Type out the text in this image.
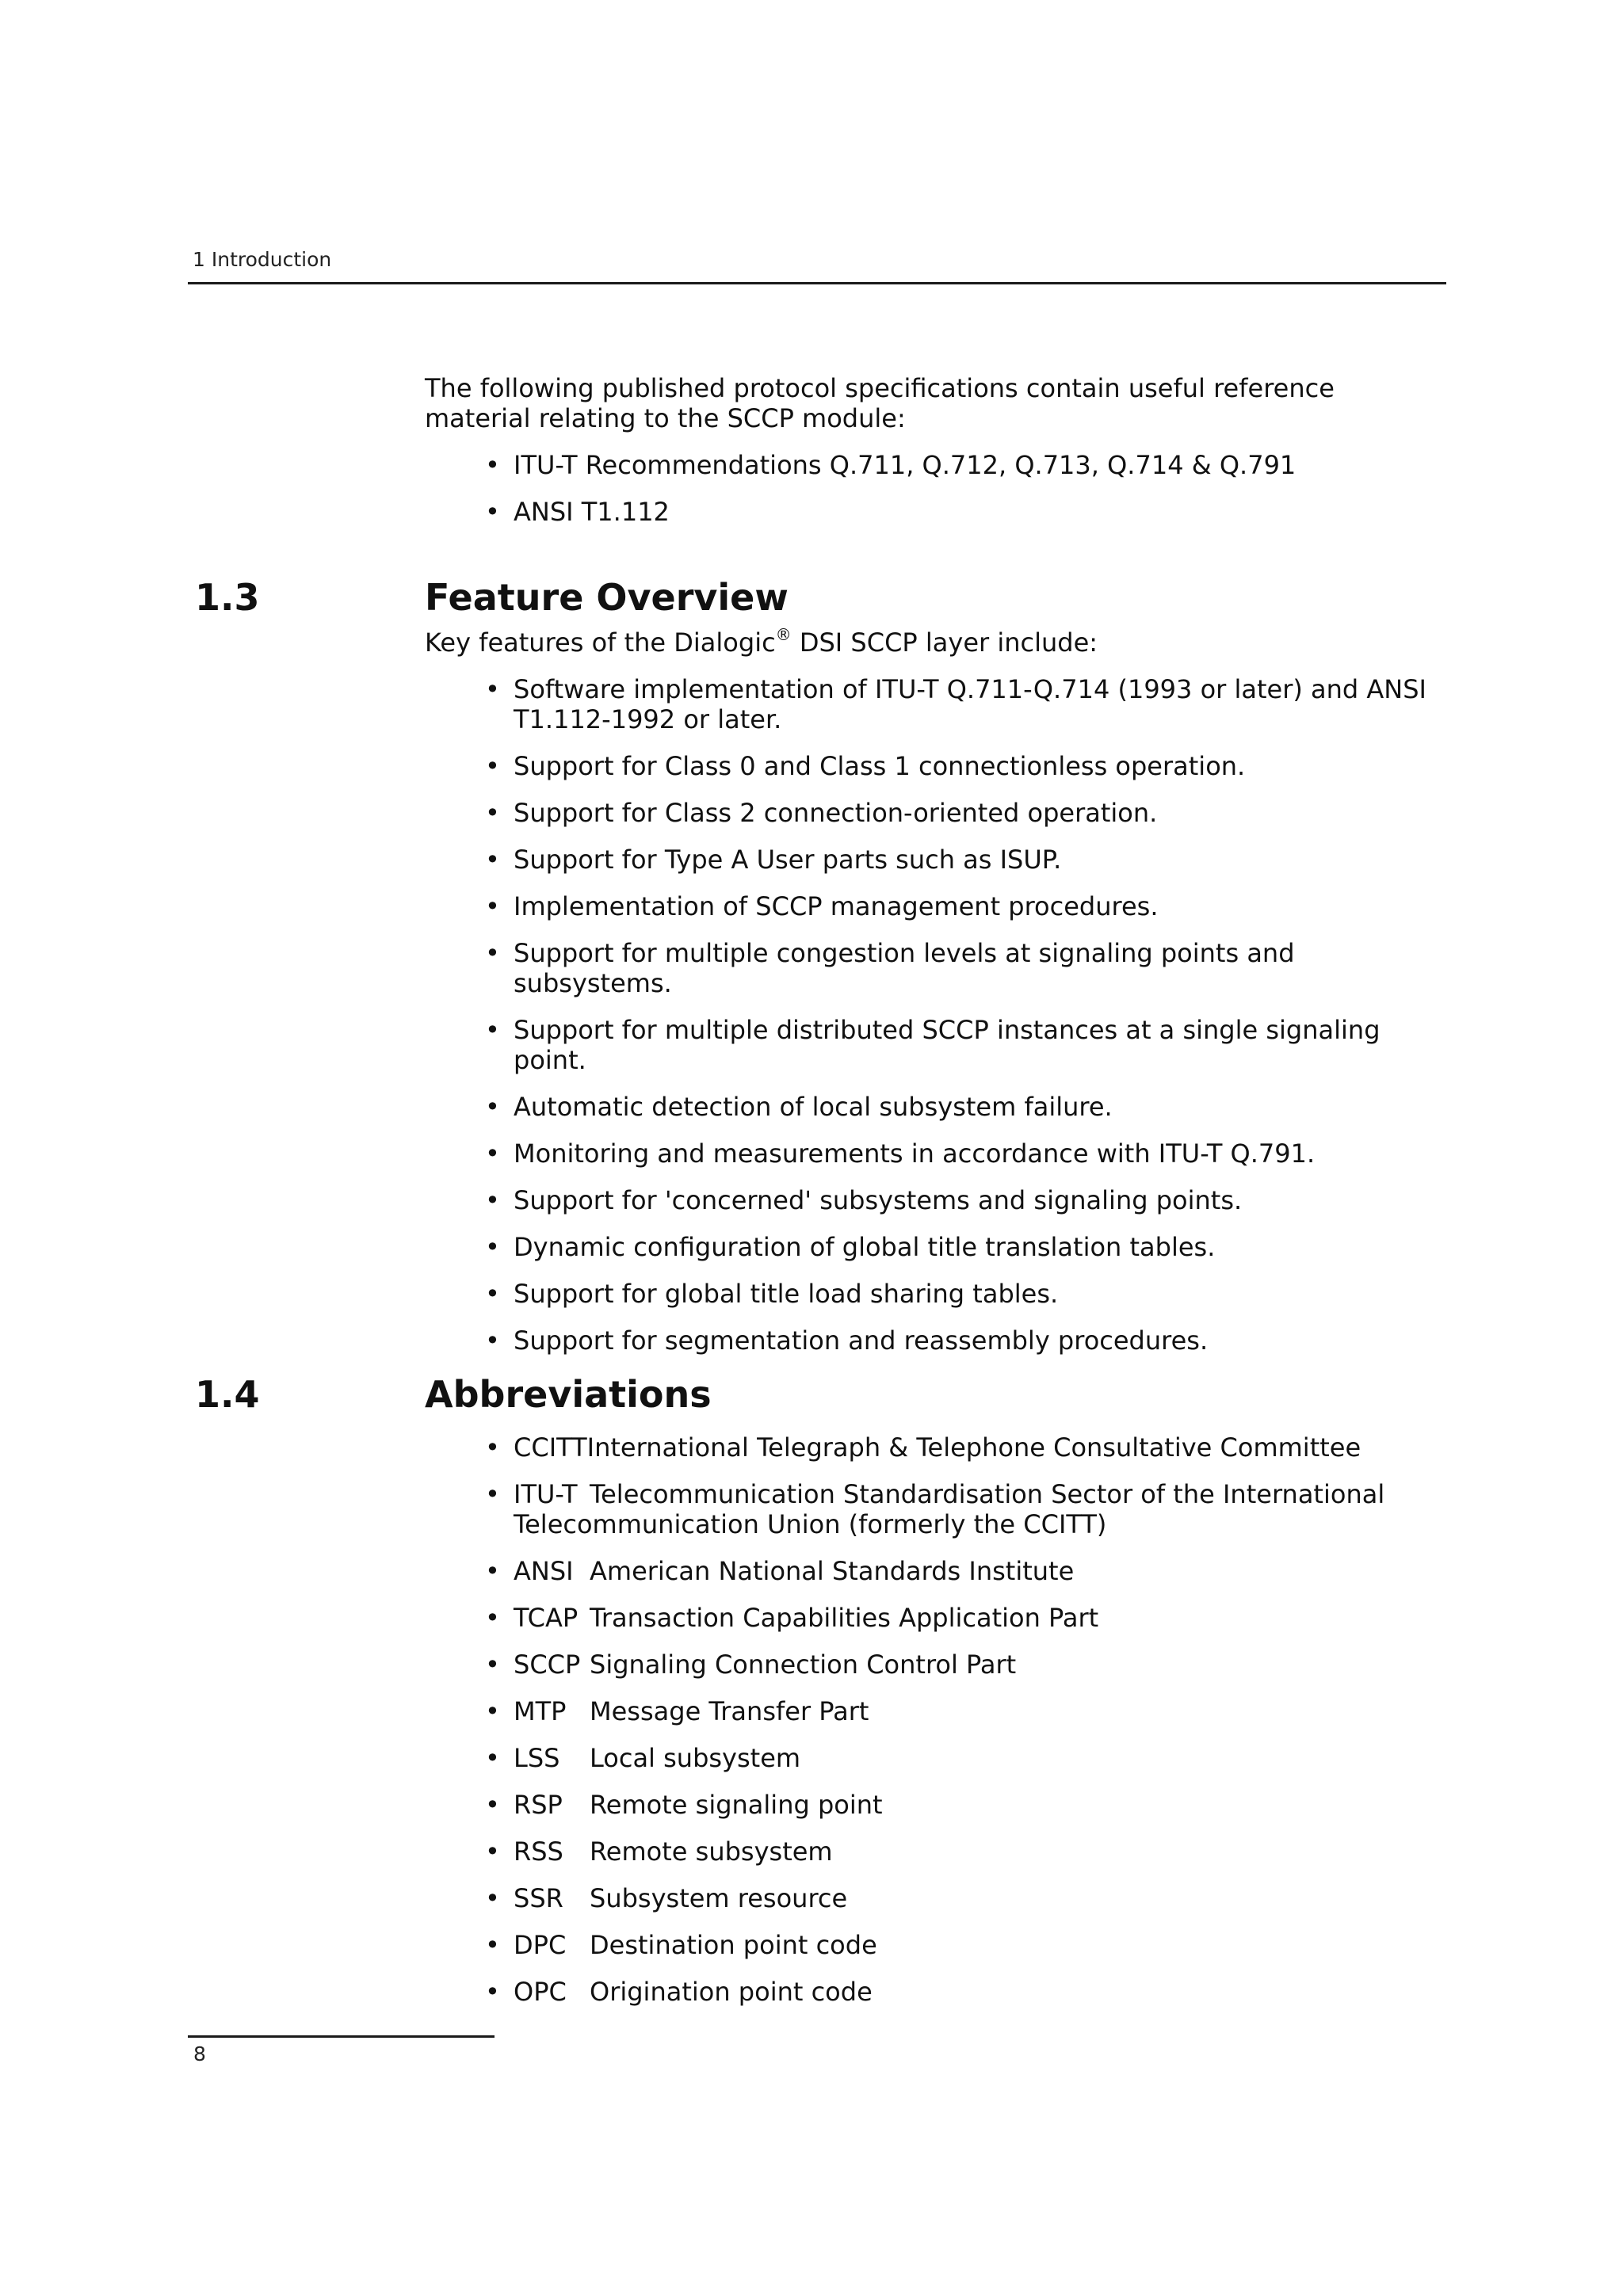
1 Introduction

The following published protocol specifications contain useful reference material relating to the SCCP module:

• ITU-T Recommendations Q.711, Q.712, Q.713, Q.714 & Q.791
• ANSI T1.112
1.3	Feature Overview

Key features of the Dialogic® DSI SCCP layer include:

• Software implementation of ITU-T Q.711-Q.714 (1993 or later) and ANSI T1.112-1992 or later.
• Support for Class 0 and Class 1 connectionless operation.
• Support for Class 2 connection-oriented operation.
• Support for Type A User parts such as ISUP.
• Implementation of SCCP management procedures.
• Support for multiple congestion levels at signaling points and subsystems.
• Support for multiple distributed SCCP instances at a single signaling point.
• Automatic detection of local subsystem failure.
• Monitoring and measurements in accordance with ITU-T Q.791.
• Support for 'concerned' subsystems and signaling points.
• Dynamic configuration of global title translation tables.
• Support for global title load sharing tables.
• Support for segmentation and reassembly procedures.
1.4	Abbreviations
• CCITTInternational Telegraph & Telephone Consultative Committee
• ITU-T Telecommunication Standardisation Sector of the International Telecommunication Union (formerly the CCITT)
• ANSI American National Standards Institute
• TCAP Transaction Capabilities Application Part
• SCCP Signaling Connection Control Part
• MTP Message Transfer Part
• LSS Local subsystem
• RSP Remote signaling point
• RSS Remote subsystem
• SSR Subsystem resource
• DPC Destination point code
• OPC Origination point code
8
